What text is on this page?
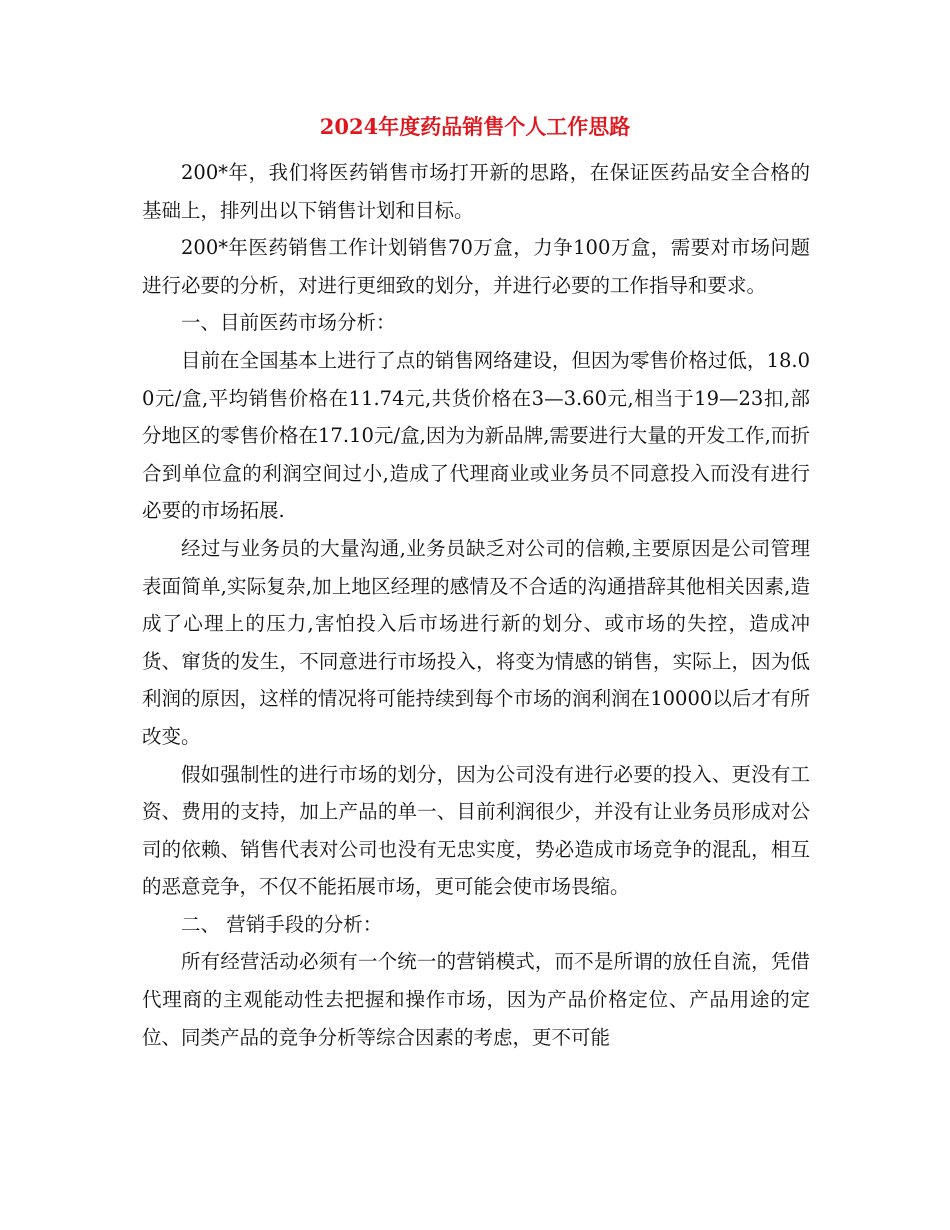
2024年度药品销售个人工作思路

200*年，我们将医药销售市场打开新的思路，在保证医药品安全合格的基础上，排列出以下销售计划和目标。

200*年医药销售工作计划销售70万盒，力争100万盒，需要对市场问题进行必要的分析，对进行更细致的划分，并进行必要的工作指导和要求。

一、目前医药市场分析：

目前在全国基本上进行了点的销售网络建设，但因为零售价格过低，18.00元/盒,平均销售价格在11.74元,共货价格在3—3.60元,相当于19—23扣,部分地区的零售价格在17.10元/盒,因为为新品牌,需要进行大量的开发工作,而折合到单位盒的利润空间过小,造成了代理商业或业务员不同意投入而没有进行必要的市场拓展.

经过与业务员的大量沟通,业务员缺乏对公司的信赖,主要原因是公司管理表面简单,实际复杂,加上地区经理的感情及不合适的沟通措辞其他相关因素,造成了心理上的压力,害怕投入后市场进行新的划分、或市场的失控，造成冲货、窜货的发生，不同意进行市场投入，将变为情感的销售，实际上，因为低利润的原因，这样的情况将可能持续到每个市场的润利润在10000以后才有所改变。

假如强制性的进行市场的划分，因为公司没有进行必要的投入、更没有工资、费用的支持，加上产品的单一、目前利润很少，并没有让业务员形成对公司的依赖、销售代表对公司也没有无忠实度，势必造成市场竞争的混乱，相互的恶意竞争，不仅不能拓展市场，更可能会使市场畏缩。

二、 营销手段的分析：

所有经营活动必须有一个统一的营销模式，而不是所谓的放任自流，凭借代理商的主观能动性去把握和操作市场，因为产品价格定位、产品用途的定位、同类产品的竞争分析等综合因素的考虑，更不可能
